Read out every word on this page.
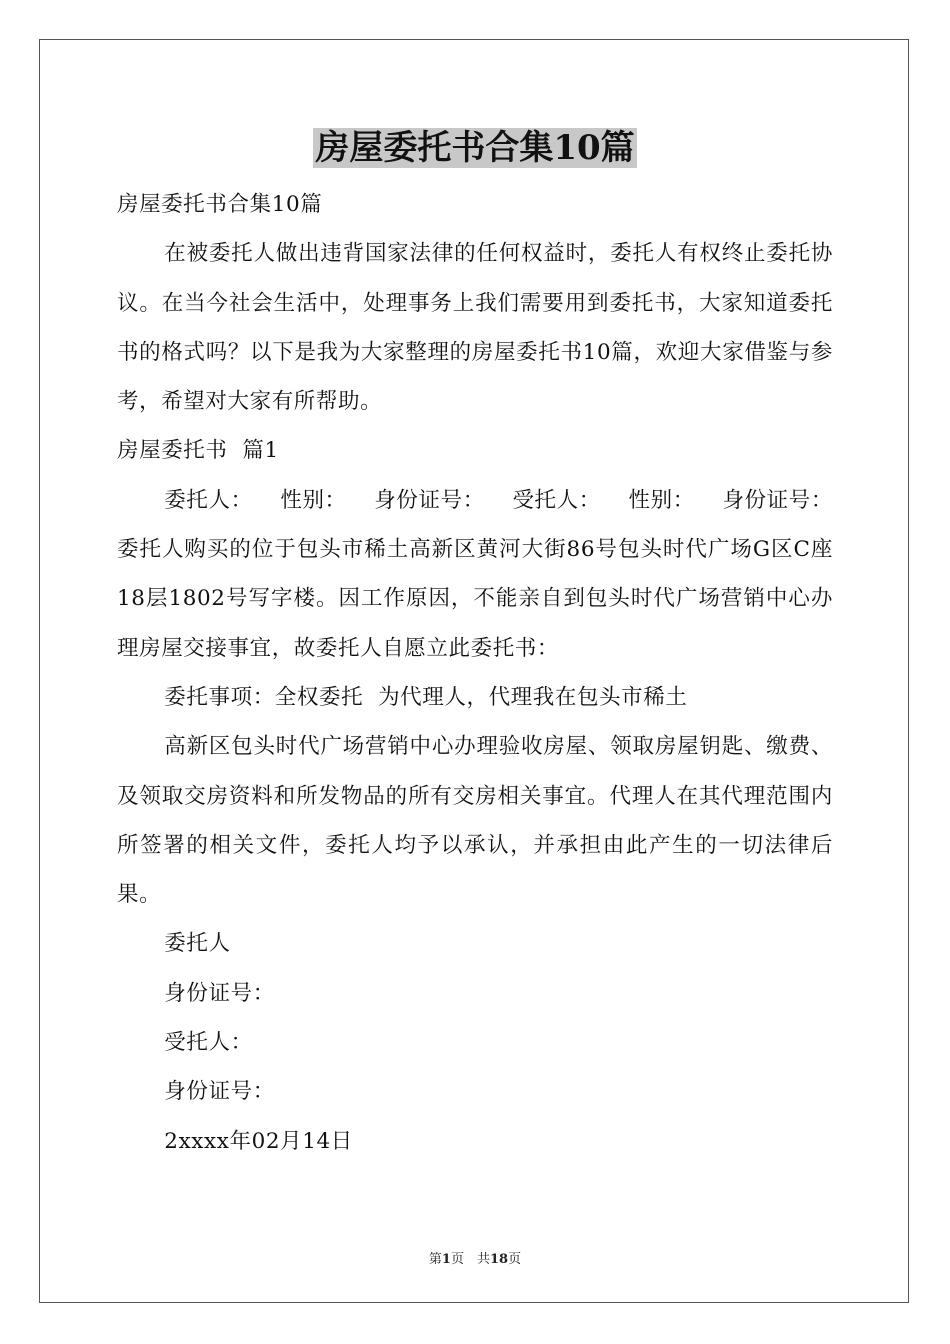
房屋委托书合集10篇

房屋委托书合集10篇

在被委托人做出违背国家法律的任何权益时，委托人有权终止委托协议。在当今社会生活中，处理事务上我们需要用到委托书，大家知道委托书的格式吗？以下是我为大家整理的房屋委托书10篇，欢迎大家借鉴与参考，希望对大家有所帮助。

房屋委托书  篇1

委托人： 性别： 身份证号： 受托人： 性别： 身份证号：

委托人购买的位于包头市稀土高新区黄河大街86号包头时代广场G区C座18层1802号写字楼。因工作原因，不能亲自到包头时代广场营销中心办理房屋交接事宜，故委托人自愿立此委托书：

委托事项：全权委托  为代理人，代理我在包头市稀土

高新区包头时代广场营销中心办理验收房屋、领取房屋钥匙、缴费、及领取交房资料和所发物品的所有交房相关事宜。代理人在其代理范围内所签署的相关文件，委托人均予以承认，并承担由此产生的一切法律后果。

委托人

身份证号：

受托人：

身份证号：

2xxxx年02月14日

第1页　共18页
